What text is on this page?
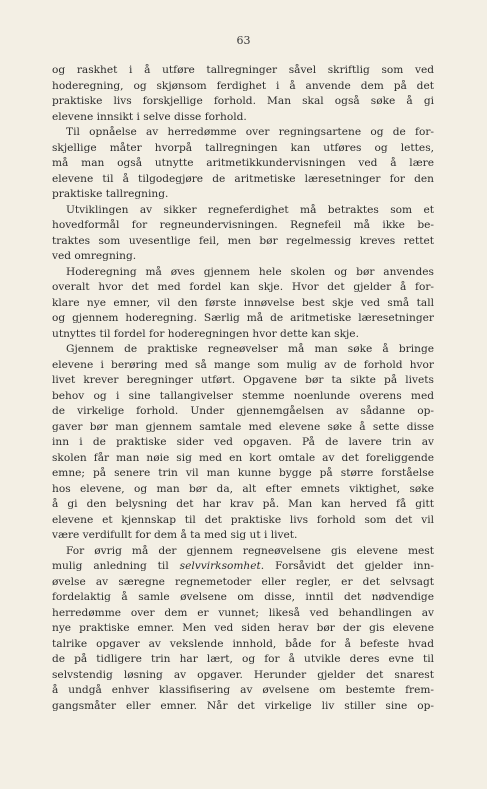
63
og raskhet i å utføre tallregninger såvel skriftlig som ved
hoderegning, og skjønsom ferdighet i å anvende dem på det
praktiske livs forskjellige forhold. Man skal også søke å gi
elevene innsikt i selve disse forhold.
Til opnåelse av herredømme over regningsartene og de for-
skjellige måter hvorpå tallregningen kan utføres og lettes,
må man også utnytte aritmetikkundervisningen ved å lære
elevene til å tilgodegjøre de aritmetiske læresetninger for den
praktiske tallregning.
Utviklingen av sikker regneferdighet må betraktes som et
hovedformål for regneundervisningen. Regnefeil må ikke be-
traktes som uvesentlige feil, men bør regelmessig kreves rettet
ved omregning.
Hoderegning må øves gjennem hele skolen og bør anvendes
overalt hvor det med fordel kan skje. Hvor det gjelder å for-
klare nye emner, vil den første innøvelse best skje ved små tall
og gjennem hoderegning. Særlig må de aritmetiske læresetninger
utnyttes til fordel for hoderegningen hvor dette kan skje.
Gjennem de praktiske regneøvelser må man søke å bringe
elevene i berøring med så mange som mulig av de forhold hvor
livet krever beregninger utført. Opgavene bør ta sikte på livets
behov og i sine tallangivelser stemme noenlunde overens med
de virkelige forhold. Under gjennemgåelsen av sådanne op-
gaver bør man gjennem samtale med elevene søke å sette disse
inn i de praktiske sider ved opgaven. På de lavere trin av
skolen får man nøie sig med en kort omtale av det foreliggende
emne; på senere trin vil man kunne bygge på større forståelse
hos elevene, og man bør da, alt efter emnets viktighet, søke
å gi den belysning det har krav på. Man kan herved få gitt
elevene et kjennskap til det praktiske livs forhold som det vil
være verdifullt for dem å ta med sig ut i livet.
For øvrig må der gjennem regneøvelsene gis elevene mest
mulig anledning til selvvirksomhet. Forsåvidt det gjelder inn-
øvelse av særegne regnemetoder eller regler, er det selvsagt
fordelaktig å samle øvelsene om disse, inntil det nødvendige
herredømme over dem er vunnet; likeså ved behandlingen av
nye praktiske emner. Men ved siden herav bør der gis elevene
talrike opgaver av vekslende innhold, både for å befeste hvad
de på tidligere trin har lært, og for å utvikle deres evne til
selvstendig løsning av opgaver. Herunder gjelder det snarest
å undgå enhver klassifisering av øvelsene om bestemte frem-
gangsmåter eller emner. Når det virkelige liv stiller sine op-
